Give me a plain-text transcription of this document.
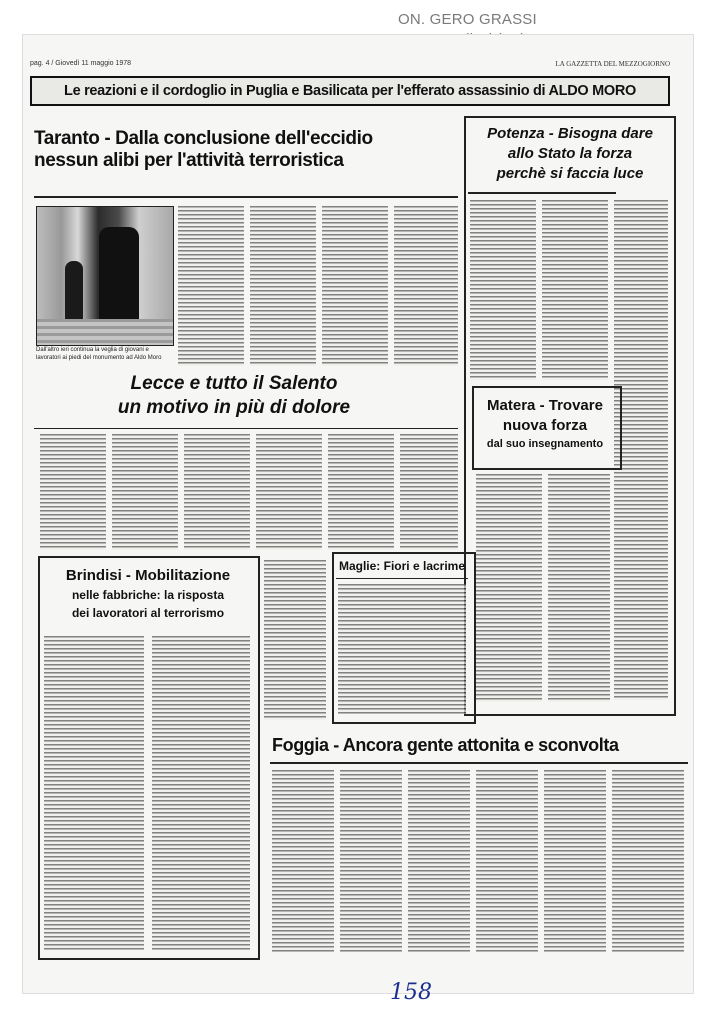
ON. GERO GRASSI
pag. 4 / Giovedì 11 maggio 1978	LA GAZZETTA DEL MEZZOGIORNO
Le reazioni e il cordoglio in Puglia e Basilicata per l'efferato assassinio di ALDO MORO
Taranto - Dalla conclusione dell'eccidio
nessun alibi per l'attività terroristica
Dall'altro ieri continua la veglia di giovani e lavoratori ai piedi del monumento ad Aldo Moro
Potenza - Bisogna dare
allo Stato la forza
perchè si faccia luce
Lecce e tutto il Salento
un motivo in più di dolore	Matera - Trovare
nuova forza
dal suo insegnamento
Brindisi - Mobilitazione
nelle fabbriche: la risposta
dei lavoratori al terrorismo
Maglie: Fiori e lacrime
Foggia - Ancora gente attonita e sconvolta
158
